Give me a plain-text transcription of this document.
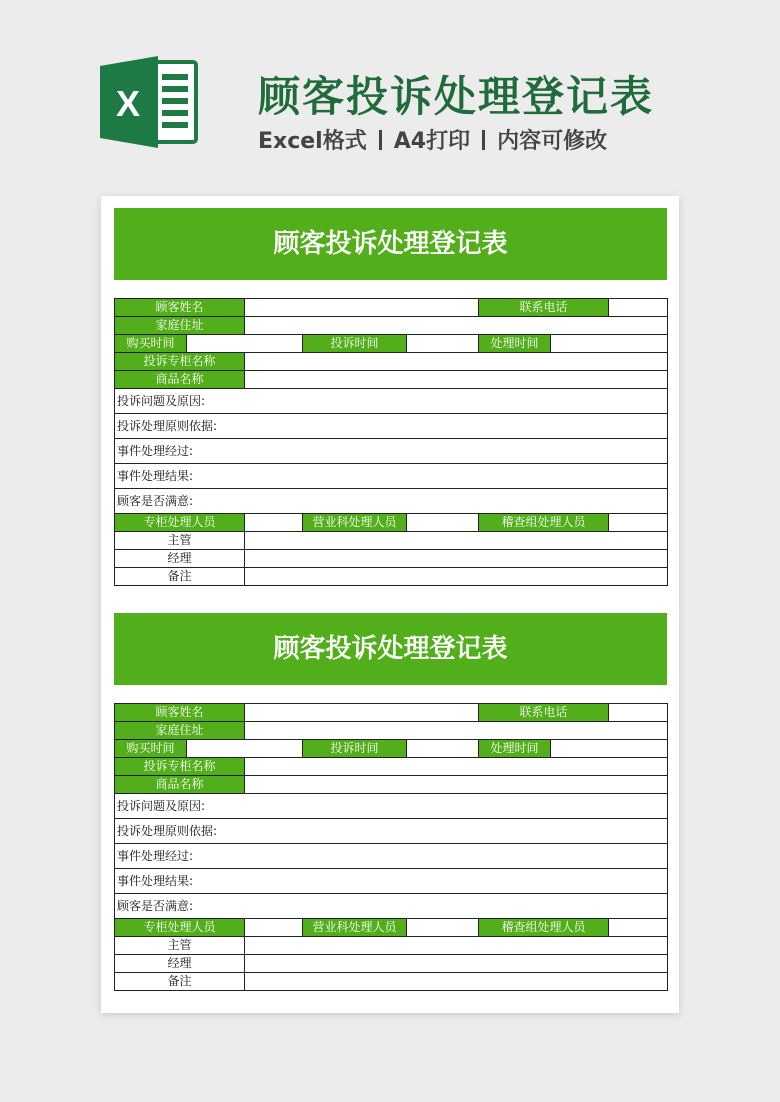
X	顾客投诉处理登记表
Excel格式 A4打印 内容可修改
顾客投诉处理登记表
顾客姓名					联系电话		
家庭住址							
购买时间			投诉时间		处理时间		
投诉专柜名称							
商品名称							
投诉问题及原因:							
投诉处理原则依据:							
事件处理经过:							
事件处理结果:							
顾客是否满意:							
专柜处理人员			营业科处理人员		稽查组处理人员		
主管							
经理							
备注							
顾客投诉处理登记表
顾客姓名					联系电话		
家庭住址							
购买时间			投诉时间		处理时间		
投诉专柜名称							
商品名称							
投诉问题及原因:							
投诉处理原则依据:							
事件处理经过:							
事件处理结果:							
顾客是否满意:							
专柜处理人员			营业科处理人员		稽查组处理人员		
主管							
经理							
备注							
